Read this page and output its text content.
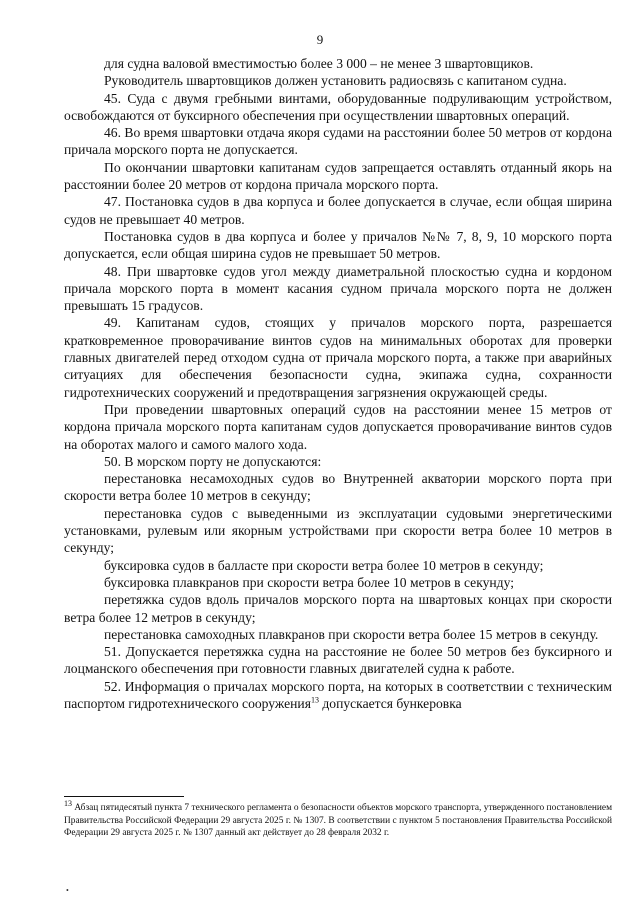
9

для судна валовой вместимостью более 3 000 – не менее 3 швартовщиков.

Руководитель швартовщиков должен установить радиосвязь с капитаном судна.

45. Суда с двумя гребными винтами, оборудованные подруливающим устройством, освобождаются от буксирного обеспечения при осуществлении швартовных операций.

46. Во время швартовки отдача якоря судами на расстоянии более 50 метров от кордона причала морского порта не допускается.

По окончании швартовки капитанам судов запрещается оставлять отданный якорь на расстоянии более 20 метров от кордона причала морского порта.

47. Постановка судов в два корпуса и более допускается в случае, если общая ширина судов не превышает 40 метров.

Постановка судов в два корпуса и более у причалов №№ 7, 8, 9, 10 морского порта допускается, если общая ширина судов не превышает 50 метров.

48. При швартовке судов угол между диаметральной плоскостью судна и кордоном причала морского порта в момент касания судном причала морского порта не должен превышать 15 градусов.

49. Капитанам судов, стоящих у причалов морского порта, разрешается кратковременное проворачивание винтов судов на минимальных оборотах для проверки главных двигателей перед отходом судна от причала морского порта, а также при аварийных ситуациях для обеспечения безопасности судна, экипажа судна, сохранности гидротехнических сооружений и предотвращения загрязнения окружающей среды.

При проведении швартовных операций судов на расстоянии менее 15 метров от кордона причала морского порта капитанам судов допускается проворачивание винтов судов на оборотах малого и самого малого хода.

50. В морском порту не допускаются:

перестановка несамоходных судов во Внутренней акватории морского порта при скорости ветра более 10 метров в секунду;

перестановка судов с выведенными из эксплуатации судовыми энергетическими установками, рулевым или якорным устройствами при скорости ветра более 10 метров в секунду;

буксировка судов в балласте при скорости ветра более 10 метров в секунду;

буксировка плавкранов при скорости ветра более 10 метров в секунду;

перетяжка судов вдоль причалов морского порта на швартовых концах при скорости ветра более 12 метров в секунду;

перестановка самоходных плавкранов при скорости ветра более 15 метров в секунду.

51. Допускается перетяжка судна на расстояние не более 50 метров без буксирного и лоцманского обеспечения при готовности главных двигателей судна к работе.

52. Информация о причалах морского порта, на которых в соответствии с техническим паспортом гидротехнического сооружения$^{13}$ допускается бункеровка

$^{13}$ Абзац пятидесятый пункта 7 технического регламента о безопасности объектов морского транспорта, утвержденного постановлением Правительства Российской Федерации 29 августа 2025 г. № 1307. В соответствии с пунктом 5 постановления Правительства Российской Федерации 29 августа 2025 г. № 1307 данный акт действует до 28 февраля 2032 г.

•
